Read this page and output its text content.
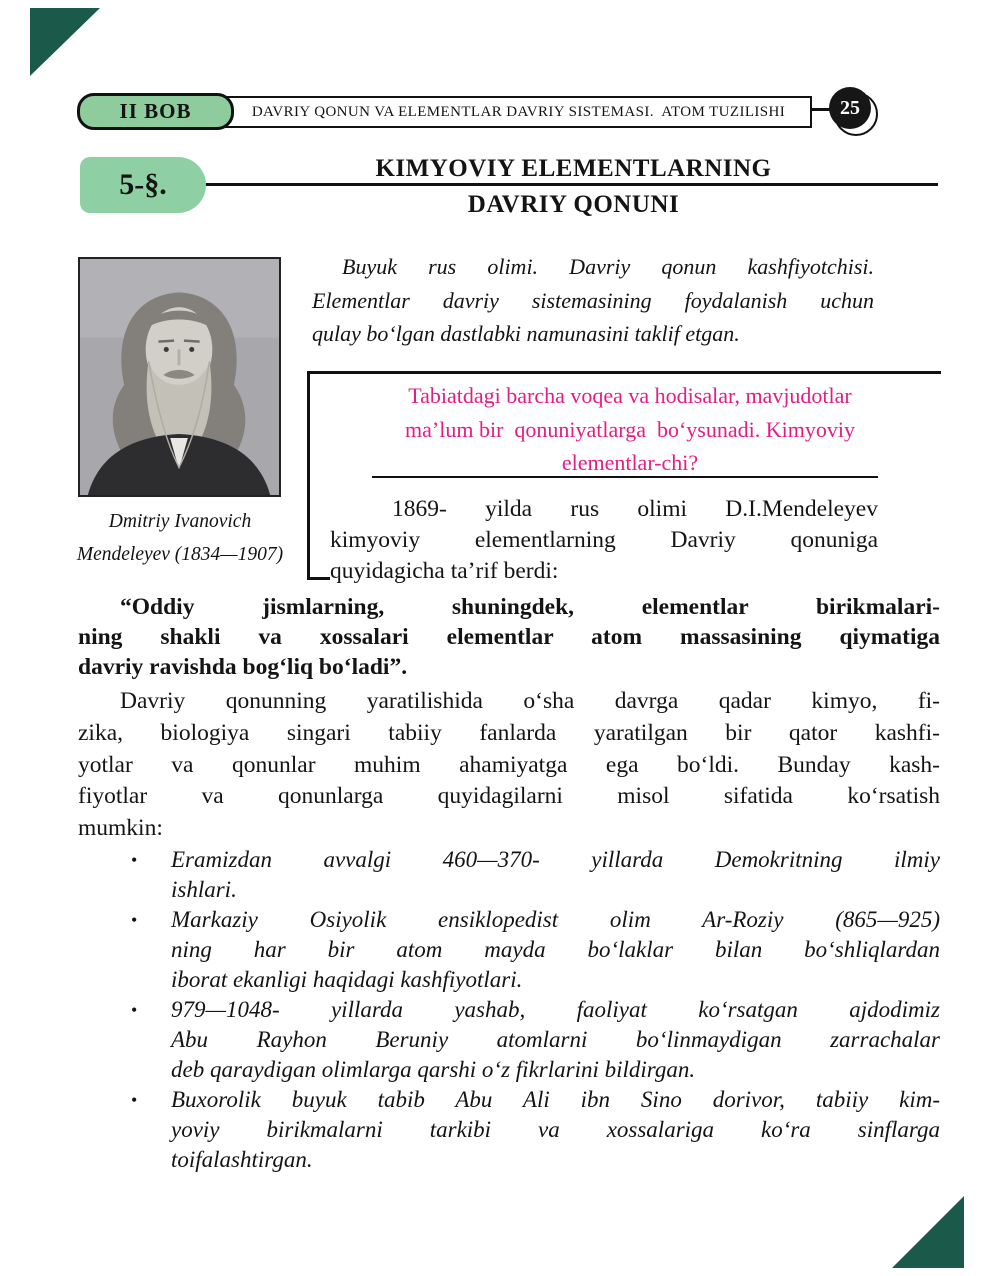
II BOB	DAVRIY QONUN VA ELEMENTLAR DAVRIY SISTEMASI.  ATOM TUZILISHI	25
5-§.	KIMYOVIY ELEMENTLARNING
DAVRIY QONUNI
Dmitriy Ivanovich
Mendeleyev (1834—1907)
Buyuk rus olimi. Davriy qonun kashfiyotchisi.
Elementlar davriy sistemasining foydalanish uchun
qulay bo‘lgan dastlabki namunasini taklif etgan.
Tabiatdagi barcha voqea va hodisalar, mavjudotlar
ma’lum bir  qonuniyatlarga  bo‘ysunadi. Kimyoviy
elementlar-chi?
1869- yilda rus olimi D.I.Mendeleyev
kimyoviy elementlarning Davriy qonuniga
quyidagicha ta’rif berdi:
“Oddiy jismlarning, shuningdek, elementlar birikmalari-
ning shakli va xossalari elementlar atom massasining qiymatiga
davriy ravishda bog‘liq bo‘ladi”.
Davriy qonunning yaratilishida o‘sha davrga qadar kimyo, fi-
zika, biologiya singari tabiiy fanlarda yaratilgan bir qator kashfi-
yotlar va qonunlar muhim ahamiyatga ega bo‘ldi. Bunday kash-
fiyotlar va qonunlarga quyidagilarni misol sifatida ko‘rsatish
mumkin:
•	Eramizdan avvalgi 460—370- yillarda Demokritning ilmiy
ishlari.
•	Markaziy Osiyolik ensiklopedist olim Ar-Roziy (865—925)
ning har bir atom mayda bo‘laklar bilan bo‘shliqlardan
iborat ekanligi haqidagi kashfiyotlari.
•	979—1048- yillarda yashab, faoliyat ko‘rsatgan ajdodimiz
Abu Rayhon Beruniy atomlarni bo‘linmaydigan zarrachalar
deb qaraydigan olimlarga qarshi o‘z fikrlarini bildirgan.
•	Buxorolik buyuk tabib Abu Ali ibn Sino dorivor, tabiiy kim-
yoviy birikmalarni tarkibi va xossalariga ko‘ra sinflarga
toifalashtirgan.
